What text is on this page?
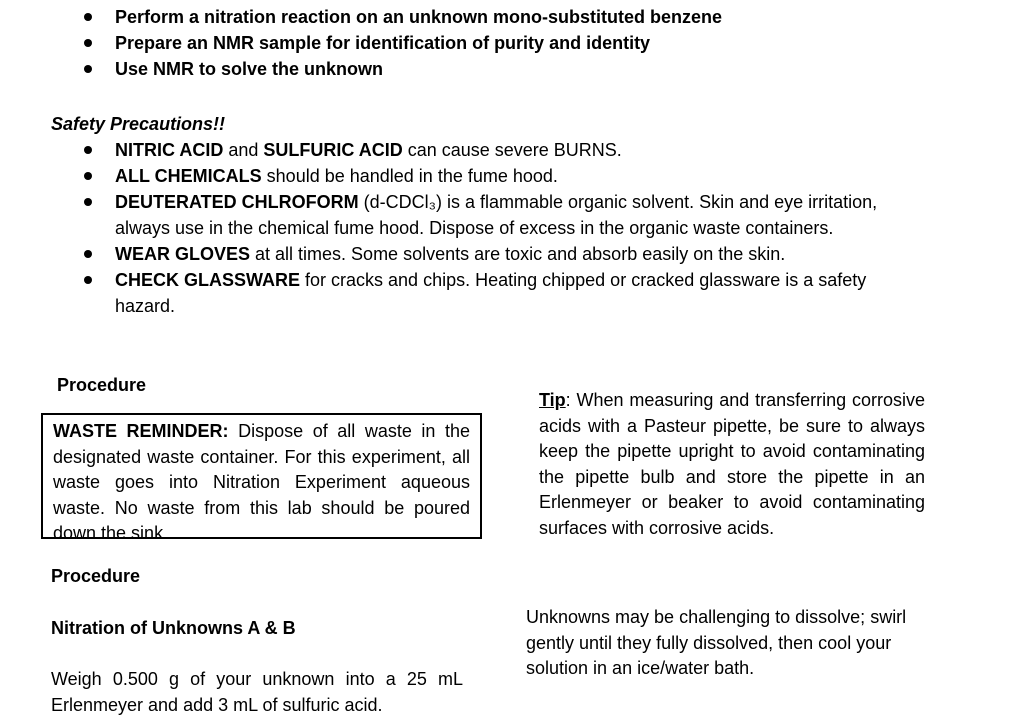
Perform a nitration reaction on an unknown mono-substituted benzene
Prepare an NMR sample for identification of purity and identity
Use NMR to solve the unknown
Safety Precautions!!
NITRIC ACID and SULFURIC ACID can cause severe BURNS.
ALL CHEMICALS should be handled in the fume hood.
DEUTERATED CHLROFORM (d-CDCl₃) is a flammable organic solvent. Skin and eye irritation, always use in the chemical fume hood. Dispose of excess in the organic waste containers.
WEAR GLOVES at all times. Some solvents are toxic and absorb easily on the skin.
CHECK GLASSWARE for cracks and chips. Heating chipped or cracked glassware is a safety hazard.
Procedure
WASTE REMINDER: Dispose of all waste in the designated waste container. For this experiment, all waste goes into Nitration Experiment aqueous waste. No waste from this lab should be poured down the sink.
Procedure
Nitration of Unknowns A & B
Weigh 0.500 g of your unknown into a 25 mL Erlenmeyer and add 3 mL of sulfuric acid.
Tip: When measuring and transferring corrosive acids with a Pasteur pipette, be sure to always keep the pipette upright to avoid contaminating the pipette bulb and store the pipette in an Erlenmeyer or beaker to avoid contaminating surfaces with corrosive acids.
Unknowns may be challenging to dissolve; swirl gently until they fully dissolved, then cool your solution in an ice/water bath.
